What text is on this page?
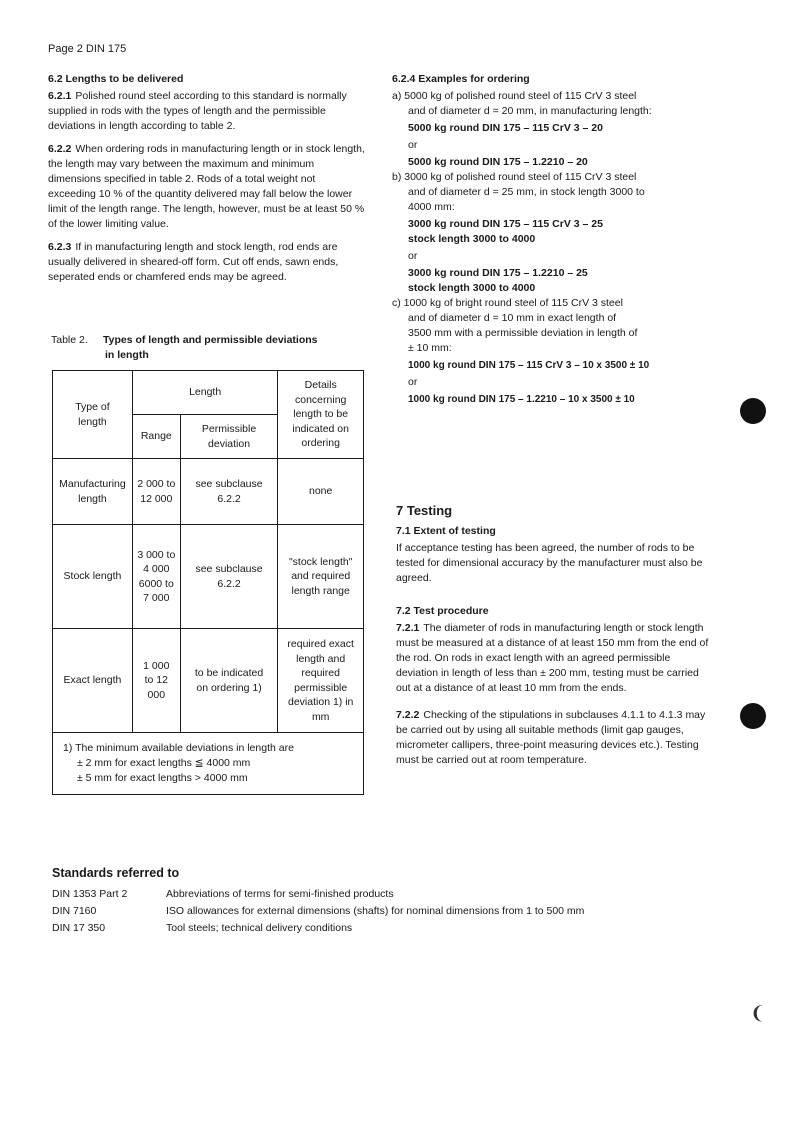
Page 2 DIN 175
6.2 Lengths to be delivered
6.2.1 Polished round steel according to this standard is normally supplied in rods with the types of length and the permissible deviations in length according to table 2.
6.2.2 When ordering rods in manufacturing length or in stock length, the length may vary between the maximum and minimum dimensions specified in table 2. Rods of a total weight not exceeding 10 % of the quantity delivered may fall below the lower limit of the length range. The length, however, must be at least 50 % of the lower limiting value.
6.2.3 If in manufacturing length and stock length, rod ends are usually delivered in sheared-off form. Cut off ends, sawn ends, seperated ends or chamfered ends may be agreed.
Table 2. Types of length and permissible deviations
in length
Type of length	Length		Details concerning length to be indicated on ordering
	Range	Permissible deviation	
Manufacturing length	2 000 to 12 000	see subclause 6.2.2	none
Stock length	3 000 to 4 000 6000 to 7 000	see subclause 6.2.2	"stock length" and required length range
Exact length	1 000 to 12 000	to be indicated on ordering 1)	required exact length and required permissible deviation 1) in mm

1) The minimum available deviations in length are
± 2 mm for exact lengths ≦ 4000 mm
± 5 mm for exact lengths > 4000 mm			
6.2.4 Examples for ordering
a) 5000 kg of polished round steel of 115 CrV 3 steel
and of diameter d = 20 mm, in manufacturing length:
5000 kg round DIN 175 – 115 CrV 3 – 20
or
5000 kg round DIN 175 – 1.2210 – 20
b) 3000 kg of polished round steel of 115 CrV 3 steel
and of diameter d = 25 mm, in stock length 3000 to
4000 mm:
3000 kg round DIN 175 – 115 CrV 3 – 25
stock length 3000 to 4000
or
3000 kg round DIN 175 – 1.2210 – 25
stock length 3000 to 4000
c) 1000 kg of bright round steel of 115 CrV 3 steel
and of diameter d = 10 mm in exact length of
3500 mm with a permissible deviation in length of
± 10 mm:
1000 kg round DIN 175 – 115 CrV 3 – 10 x 3500 ± 10
or
1000 kg round DIN 175 – 1.2210 – 10 x 3500 ± 10
7 Testing
7.1 Extent of testing
If acceptance testing has been agreed, the number of rods to be tested for dimensional accuracy by the manufacturer must also be agreed.
7.2 Test procedure
7.2.1 The diameter of rods in manufacturing length or stock length must be measured at a distance of at least 150 mm from the end of the rod. On rods in exact length with an agreed permissible deviation in length of less than ± 200 mm, testing must be carried out at a distance of at least 10 mm from the ends.
7.2.2 Checking of the stipulations in subclauses 4.1.1 to 4.1.3 may be carried out by using all suitable methods (limit gap gauges, micrometer callipers, three-point measuring devices etc.). Testing must be carried out at room temperature.
Standards referred to
DIN 1353 Part 2	Abbreviations of terms for semi-finished products
DIN 7160	ISO allowances for external dimensions (shafts) for nominal dimensions from 1 to 500 mm
DIN 17 350	Tool steels; technical delivery conditions
❨
